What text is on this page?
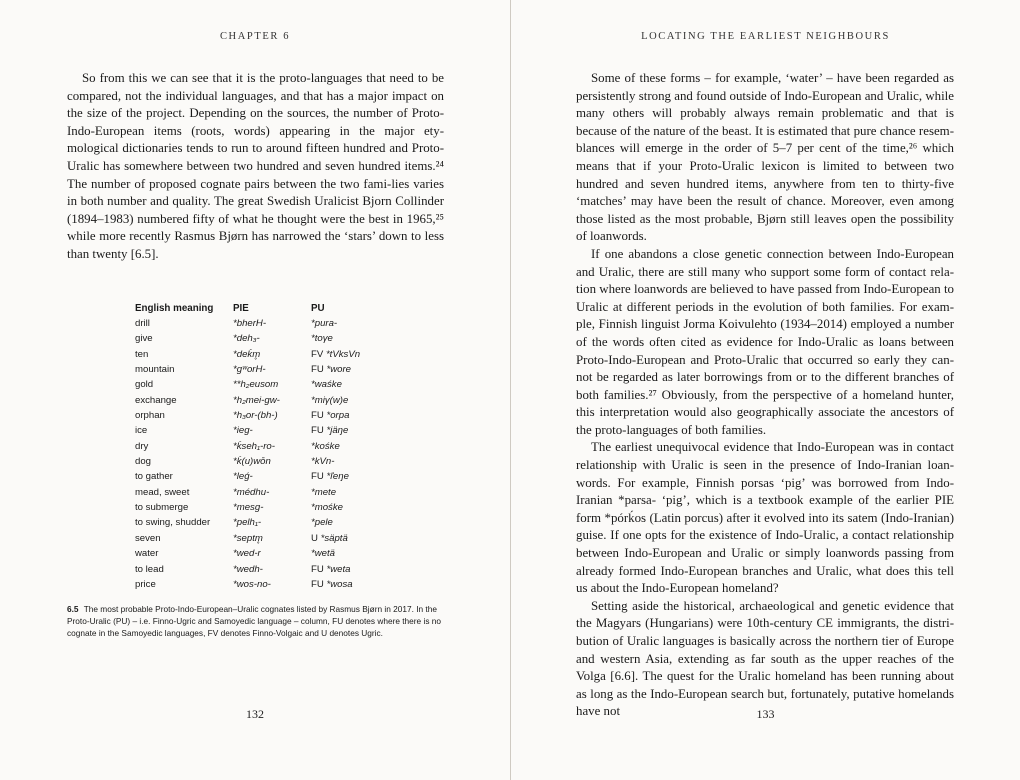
CHAPTER 6

So from this we can see that it is the proto-languages that need to be compared, not the individual languages, and that has a major impact on the size of the project. Depending on the sources, the number of Proto-Indo-European items (roots, words) appearing in the major ety-mological dictionaries tends to run to around fifteen hundred and Proto-Uralic has somewhere between two hundred and seven hundred items.²⁴ The number of proposed cognate pairs between the two fami-lies varies in both number and quality. The great Swedish Uralicist Bjorn Collinder (1894–1983) numbered fifty of what he thought were the best in 1965,²⁵ while more recently Rasmus Bjørn has narrowed the ‘stars’ down to less than twenty [6.5].

English meaning	PIE	PU
drill	*bherH-	*pura-
give	*deh₃-	*toγe
ten	*deḱm̥	FV *tVksVn
mountain	*gʷorH-	FU *wore
gold	**h₂eusom	*waśke
exchange	*h₂mei-gw-	*miγ(w)e
orphan	*h₃or-(bh-)	FU *orpa
ice	*ieg-	FU *jäŋe
dry	*ḱseh₁-ro-	*kośke
dog	*ḱ(u)wōn	*kVn-
to gather	*leǵ-	FU *ľeŋe
mead, sweet	*médhu-	*mete
to submerge	*mesg-	*mośke
to swing, shudder	*pelh₁-	*pele
seven	*septm̥	U *säptä
water	*wed-r	*wetä
to lead	*wedh-	FU *weta
price	*wos-no-	FU *wosa
6.5 The most probable Proto-Indo-European–Uralic cognates listed by Rasmus Bjørn in 2017. In the Proto-Uralic (PU) – i.e. Finno-Ugric and Samoyedic language – column, FU denotes where there is no cognate in the Samoyedic languages, FV denotes Finno-Volgaic and U denotes Ugric.
132
LOCATING THE EARLIEST NEIGHBOURS

Some of these forms – for example, ‘water’ – have been regarded as persistently strong and found outside of Indo-European and Uralic, while many others will probably always remain problematic and that is because of the nature of the beast. It is estimated that pure chance resem-blances will emerge in the order of 5–7 per cent of the time,²⁶ which means that if your Proto-Uralic lexicon is limited to between two hundred and seven hundred items, anywhere from ten to thirty-five ‘matches’ may have been the result of chance. Moreover, even among those listed as the most probable, Bjørn still leaves open the possibility of loanwords.

If one abandons a close genetic connection between Indo-European and Uralic, there are still many who support some form of contact rela-tion where loanwords are believed to have passed from Indo-European to Uralic at different periods in the evolution of both families. For exam-ple, Finnish linguist Jorma Koivulehto (1934–2014) employed a number of the words often cited as evidence for Indo-Uralic as loans between Proto-Indo-European and Proto-Uralic that occurred so early they can-not be regarded as later borrowings from or to the different branches of both families.²⁷ Obviously, from the perspective of a homeland hunter, this interpretation would also geographically associate the ancestors of the proto-languages of both families.

The earliest unequivocal evidence that Indo-European was in contact relationship with Uralic is seen in the presence of Indo-Iranian loan-words. For example, Finnish porsas ‘pig’ was borrowed from Indo-Iranian *parsa- ‘pig’, which is a textbook example of the earlier PIE form *pórḱos (Latin porcus) after it evolved into its satem (Indo-Iranian) guise. If one opts for the existence of Indo-Uralic, a contact relationship between Indo-European and Uralic or simply loanwords passing from already formed Indo-European branches and Uralic, what does this tell us about the Indo-European homeland?

Setting aside the historical, archaeological and genetic evidence that the Magyars (Hungarians) were 10th-century CE immigrants, the distri-bution of Uralic languages is basically across the northern tier of Europe and western Asia, extending as far south as the upper reaches of the Volga [6.6]. The quest for the Uralic homeland has been running about as long as the Indo-European search but, fortunately, putative homelands have not	133
